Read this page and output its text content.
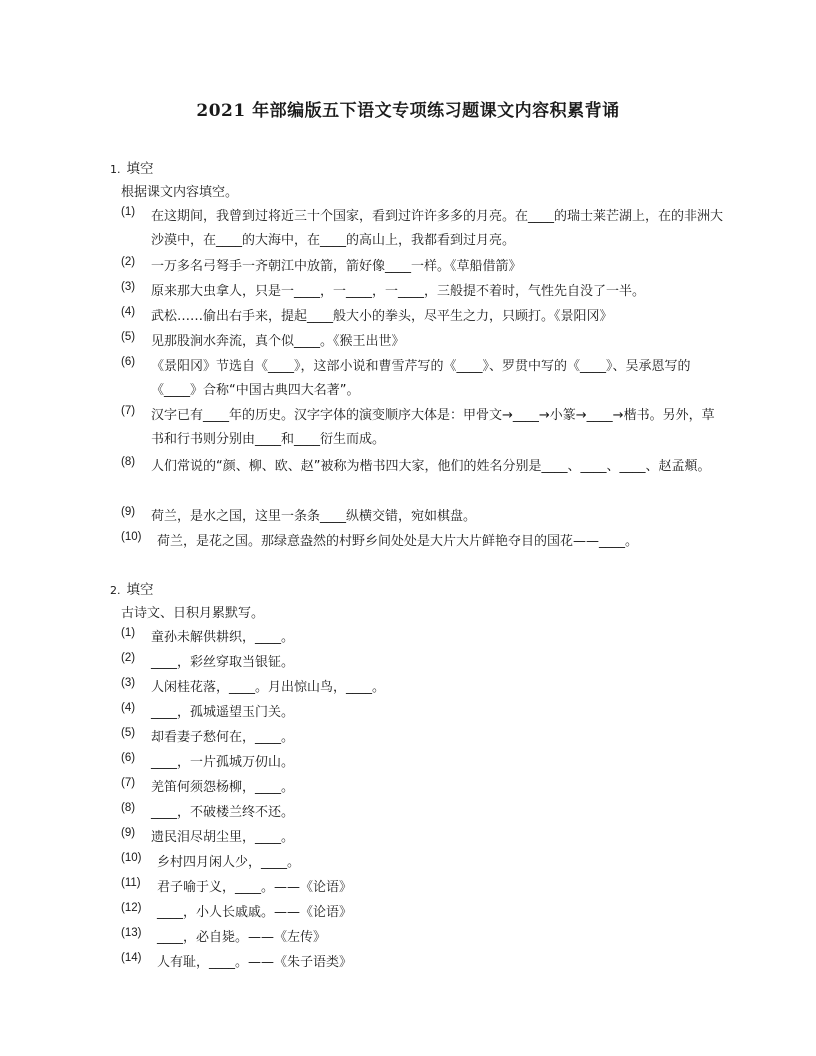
2021 年部编版五下语文专项练习题课文内容积累背诵
1. 填空
根据课文内容填空。
(1) 在这期间，我曾到过将近三十个国家，看到过许许多多的月亮。在____的瑞士莱芒湖上，在的非洲大沙漠中，在____的大海中，在____的高山上，我都看到过月亮。
(2) 一万多名弓弩手一齐朝江中放箭，箭好像____一样。《草船借箭》
(3) 原来那大虫拿人，只是一____，一____，一____，三般提不着时，气性先自没了一半。
(4) 武松……偷出右手来，提起____般大小的拳头，尽平生之力，只顾打。《景阳冈》
(5) 见那股涧水奔流，真个似____。《猴王出世》
(6) 《景阳冈》节选自《____》，这部小说和曹雪芹写的《____》、罗贯中写的《____》、吴承恩写的《____》合称“中国古典四大名著”。
(7) 汉字已有____年的历史。汉字字体的演变顺序大体是：甲骨文→____→小篆→____→楷书。另外，草书和行书则分别由____和____衍生而成。
(8) 人们常说的“颜、柳、欧、赵”被称为楷书四大家，他们的姓名分别是____、____、____、赵孟頫。
(9) 荷兰，是水之国，这里一条条____纵横交错，宛如棋盘。
(10) 荷兰，是花之国。那绿意盎然的村野乡间处处是大片大片鲜艳夺目的国花——____。
2. 填空
古诗文、日积月累默写。
(1) 童孙未解供耕织，____。
(2) ____，彩丝穿取当银钲。
(3) 人闲桂花落，____。月出惊山鸟，____。
(4) ____，孤城遥望玉门关。
(5) 却看妻子愁何在，____。
(6) ____，一片孤城万仞山。
(7) 羌笛何须怨杨柳，____。
(8) ____，不破楼兰终不还。
(9) 遗民泪尽胡尘里，____。
(10) 乡村四月闲人少，____。
(11) 君子喻于义，____。——《论语》
(12) ____，小人长戚戚。——《论语》
(13) ____，必自毙。——《左传》
(14) 人有耻，____。——《朱子语类》
